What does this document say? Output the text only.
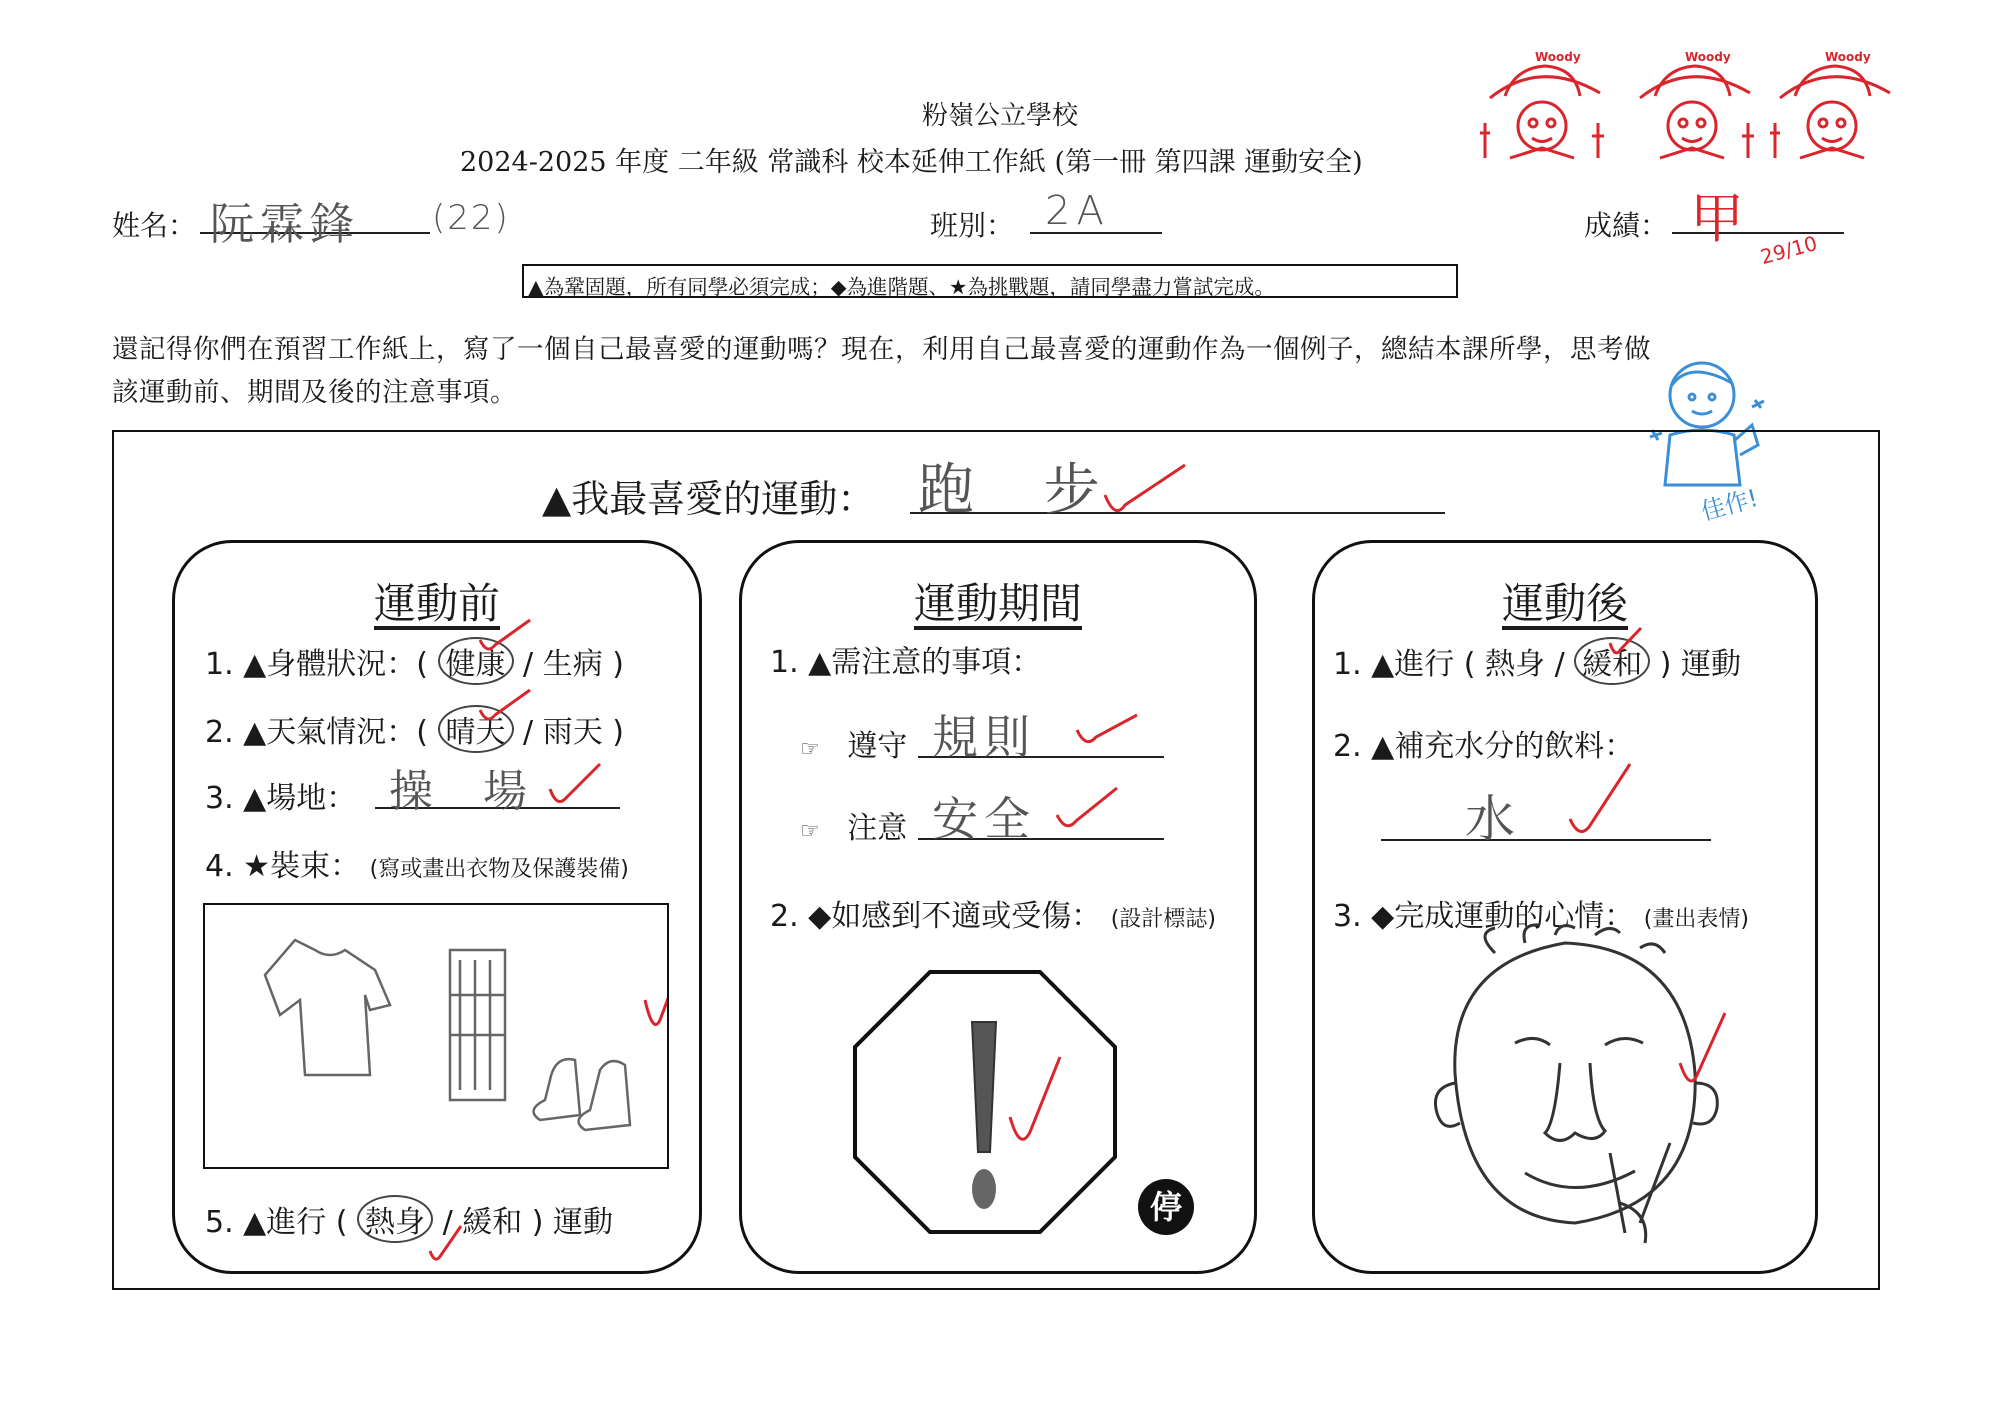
粉嶺公立學校
2024-2025 年度 二年級 常識科 校本延伸工作紙 (第一冊 第四課 運動安全)
Woody	Woody	Woody
姓名： 阮霖鋒 (22)	班別： 2A	成績： 甲 29/10
▲為鞏固題，所有同學必須完成；◆為進階題、★為挑戰題，請同學盡力嘗試完成。
還記得你們在預習工作紙上，寫了一個自己最喜愛的運動嗎？現在，利用自己最喜愛的運動作為一個例子，總結本課所學，思考做
該運動前、期間及後的注意事項。
佳作!
▲我最喜愛的運動： 跑 步
運動前
1. ▲身體狀況：( 健康 / 生病 )
2. ▲天氣情況：( 晴天 / 雨天 )
3. ▲場地： 操 場
4. ★裝束： (寫或畫出衣物及保護裝備)
5. ▲進行 ( 熱身 / 緩和 ) 運動
運動期間
1. ▲需注意的事項：
☞ 遵守 規則
☞ 注意 安全
2. ◆如感到不適或受傷： (設計標誌)
停
運動後
1. ▲進行 ( 熱身 / 緩和 ) 運動
2. ▲補充水分的飲料：
水
3. ◆完成運動的心情： (畫出表情)
